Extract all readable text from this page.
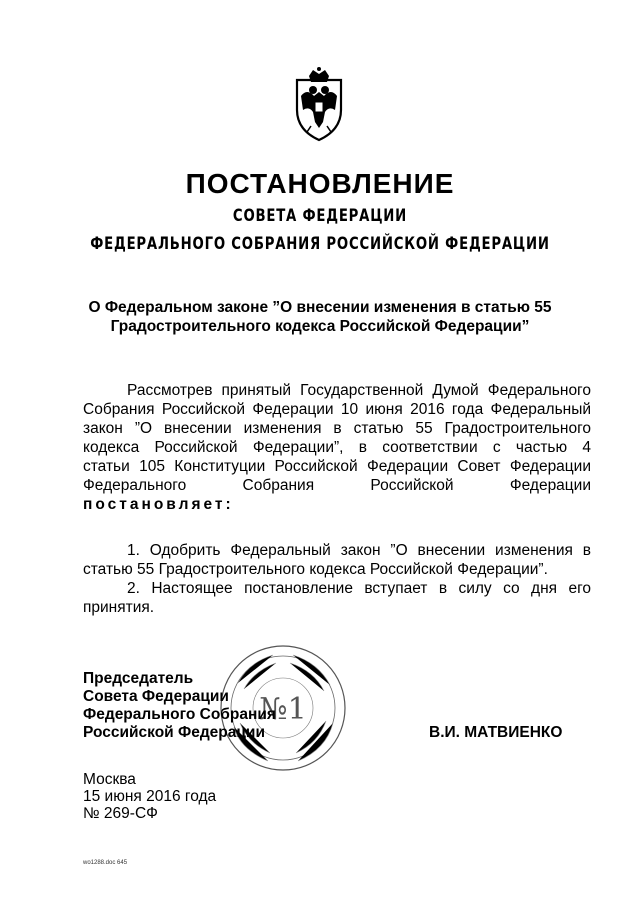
ПОСТАНОВЛЕНИЕ
СОВЕТА ФЕДЕРАЦИИ
ФЕДЕРАЛЬНОГО СОБРАНИЯ РОССИЙСКОЙ ФЕДЕРАЦИИ
О Федеральном законе ”О внесении изменения в статью 55
Градостроительного кодекса Российской Федерации”
Рассмотрев принятый Государственной Думой Федерального
Собрания Российской Федерации 10 июня 2016 года Федеральный
закон ”О внесении изменения в статью 55 Градостроительного
кодекса Российской Федерации”, в соответствии с частью 4
статьи 105 Конституции Российской Федерации Совет Федерации
Федерального Собрания Российской Федерации
постановляет:
1. Одобрить Федеральный закон ”О внесении изменения в
статью 55 Градостроительного кодекса Российской Федерации”.
2. Настоящее постановление вступает в силу со дня его
принятия.
№1
Председатель
Совета Федерации
Федерального Собрания
Российской Федерации	В.И. МАТВИЕНКО
Москва
15 июня 2016 года
№ 269-СФ
wo1288.doc 645
